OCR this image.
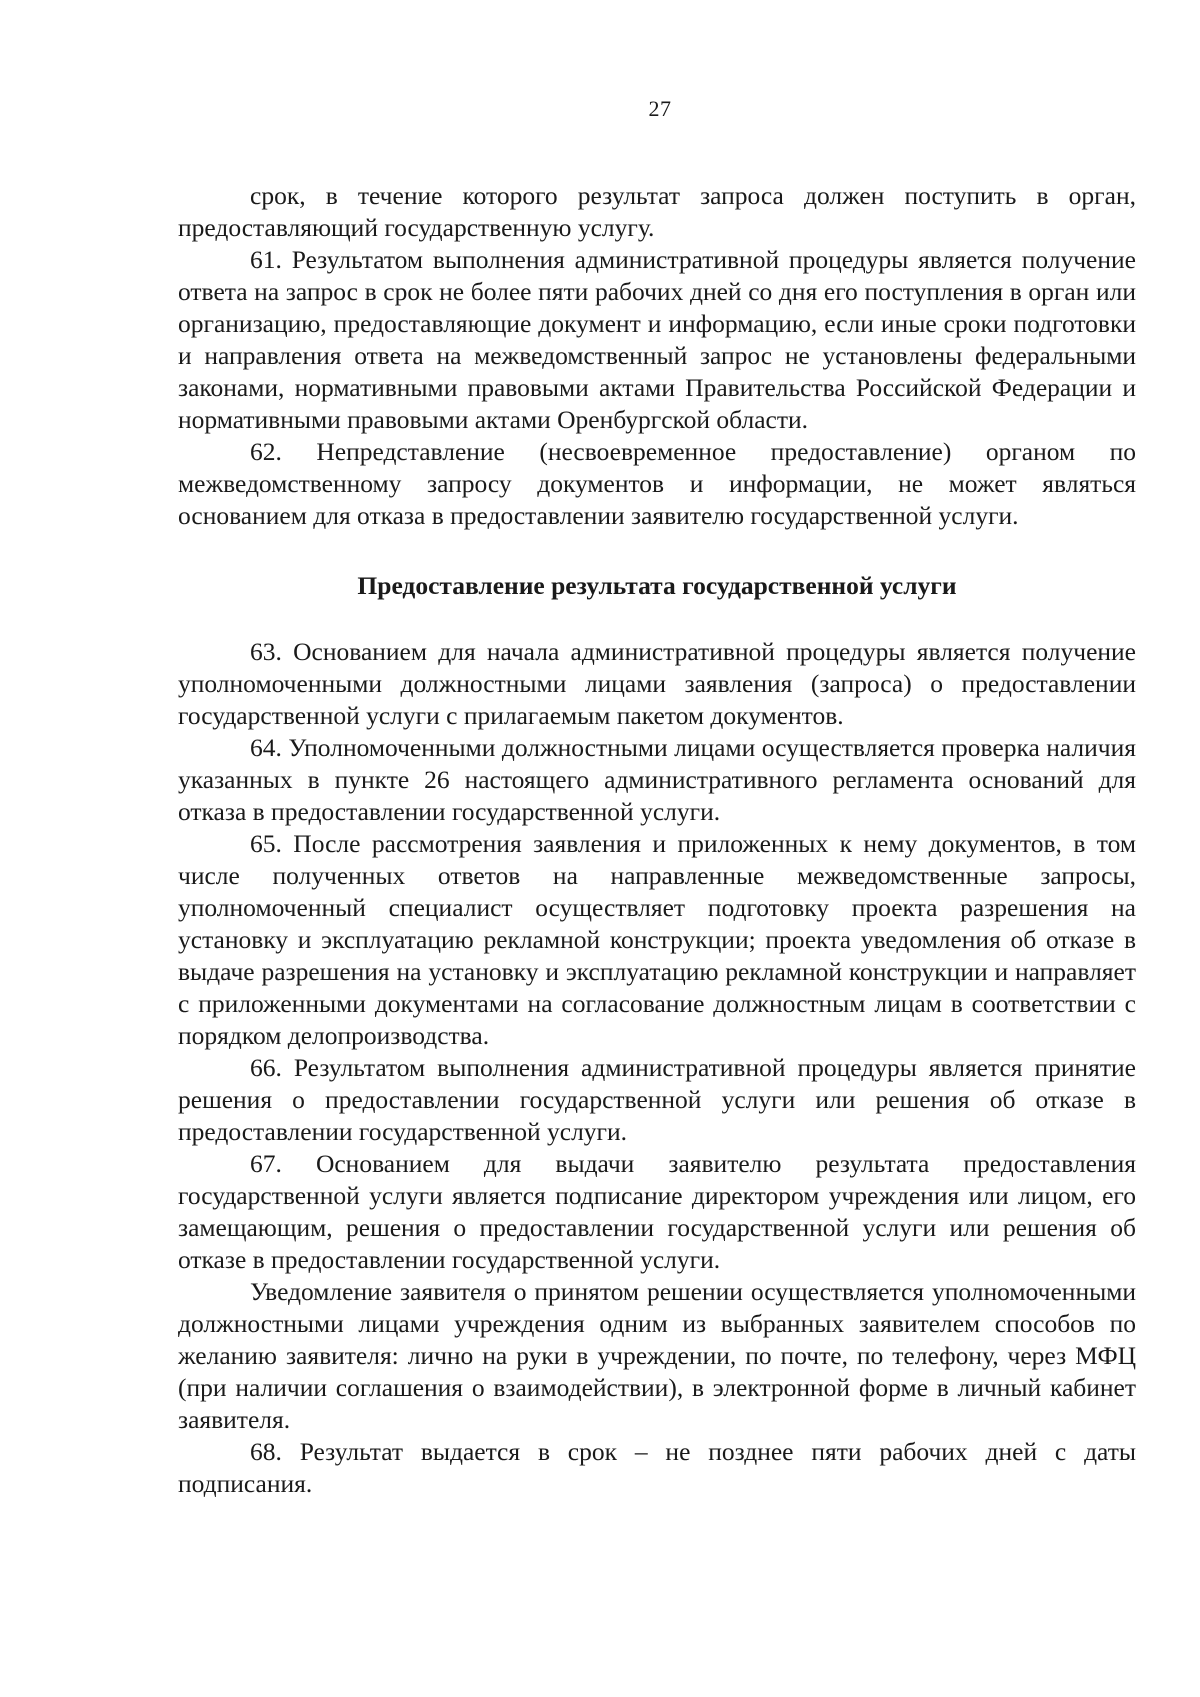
27

срок, в течение которого результат запроса должен поступить в орган, предоставляющий государственную услугу.

61. Результатом выполнения административной процедуры является получение ответа на запрос в срок не более пяти рабочих дней со дня его поступления в орган или организацию, предоставляющие документ и информацию, если иные сроки подготовки и направления ответа на межведомственный запрос не установлены федеральными законами, нормативными правовыми актами Правительства Российской Федерации и нормативными правовыми актами Оренбургской области.

62. Непредставление (несвоевременное предоставление) органом по межведомственному запросу документов и информации, не может являться основанием для отказа в предоставлении заявителю государственной услуги.

Предоставление результата государственной услуги

63. Основанием для начала административной процедуры является получение уполномоченными должностными лицами заявления (запроса) о предоставлении государственной услуги с прилагаемым пакетом документов.

64. Уполномоченными должностными лицами осуществляется проверка наличия указанных в пункте 26 настоящего административного регламента оснований для отказа в предоставлении государственной услуги.

65. После рассмотрения заявления и приложенных к нему документов, в том числе полученных ответов на направленные межведомственные запросы, уполномоченный специалист осуществляет подготовку проекта разрешения на установку и эксплуатацию рекламной конструкции; проекта уведомления об отказе в выдаче разрешения на установку и эксплуатацию рекламной конструкции и направляет с приложенными документами на согласование должностным лицам в соответствии с порядком делопроизводства.

66. Результатом выполнения административной процедуры является принятие решения о предоставлении государственной услуги или решения об отказе в предоставлении государственной услуги.

67. Основанием для выдачи заявителю результата предоставления государственной услуги является подписание директором учреждения или лицом, его замещающим, решения о предоставлении государственной услуги или решения об отказе в предоставлении государственной услуги.

Уведомление заявителя о принятом решении осуществляется уполномоченными должностными лицами учреждения одним из выбранных заявителем способов по желанию заявителя: лично на руки в учреждении, по почте, по телефону, через МФЦ (при наличии соглашения о взаимодействии), в электронной форме в личный кабинет заявителя.

68. Результат выдается в срок – не позднее пяти рабочих дней с даты подписания.
